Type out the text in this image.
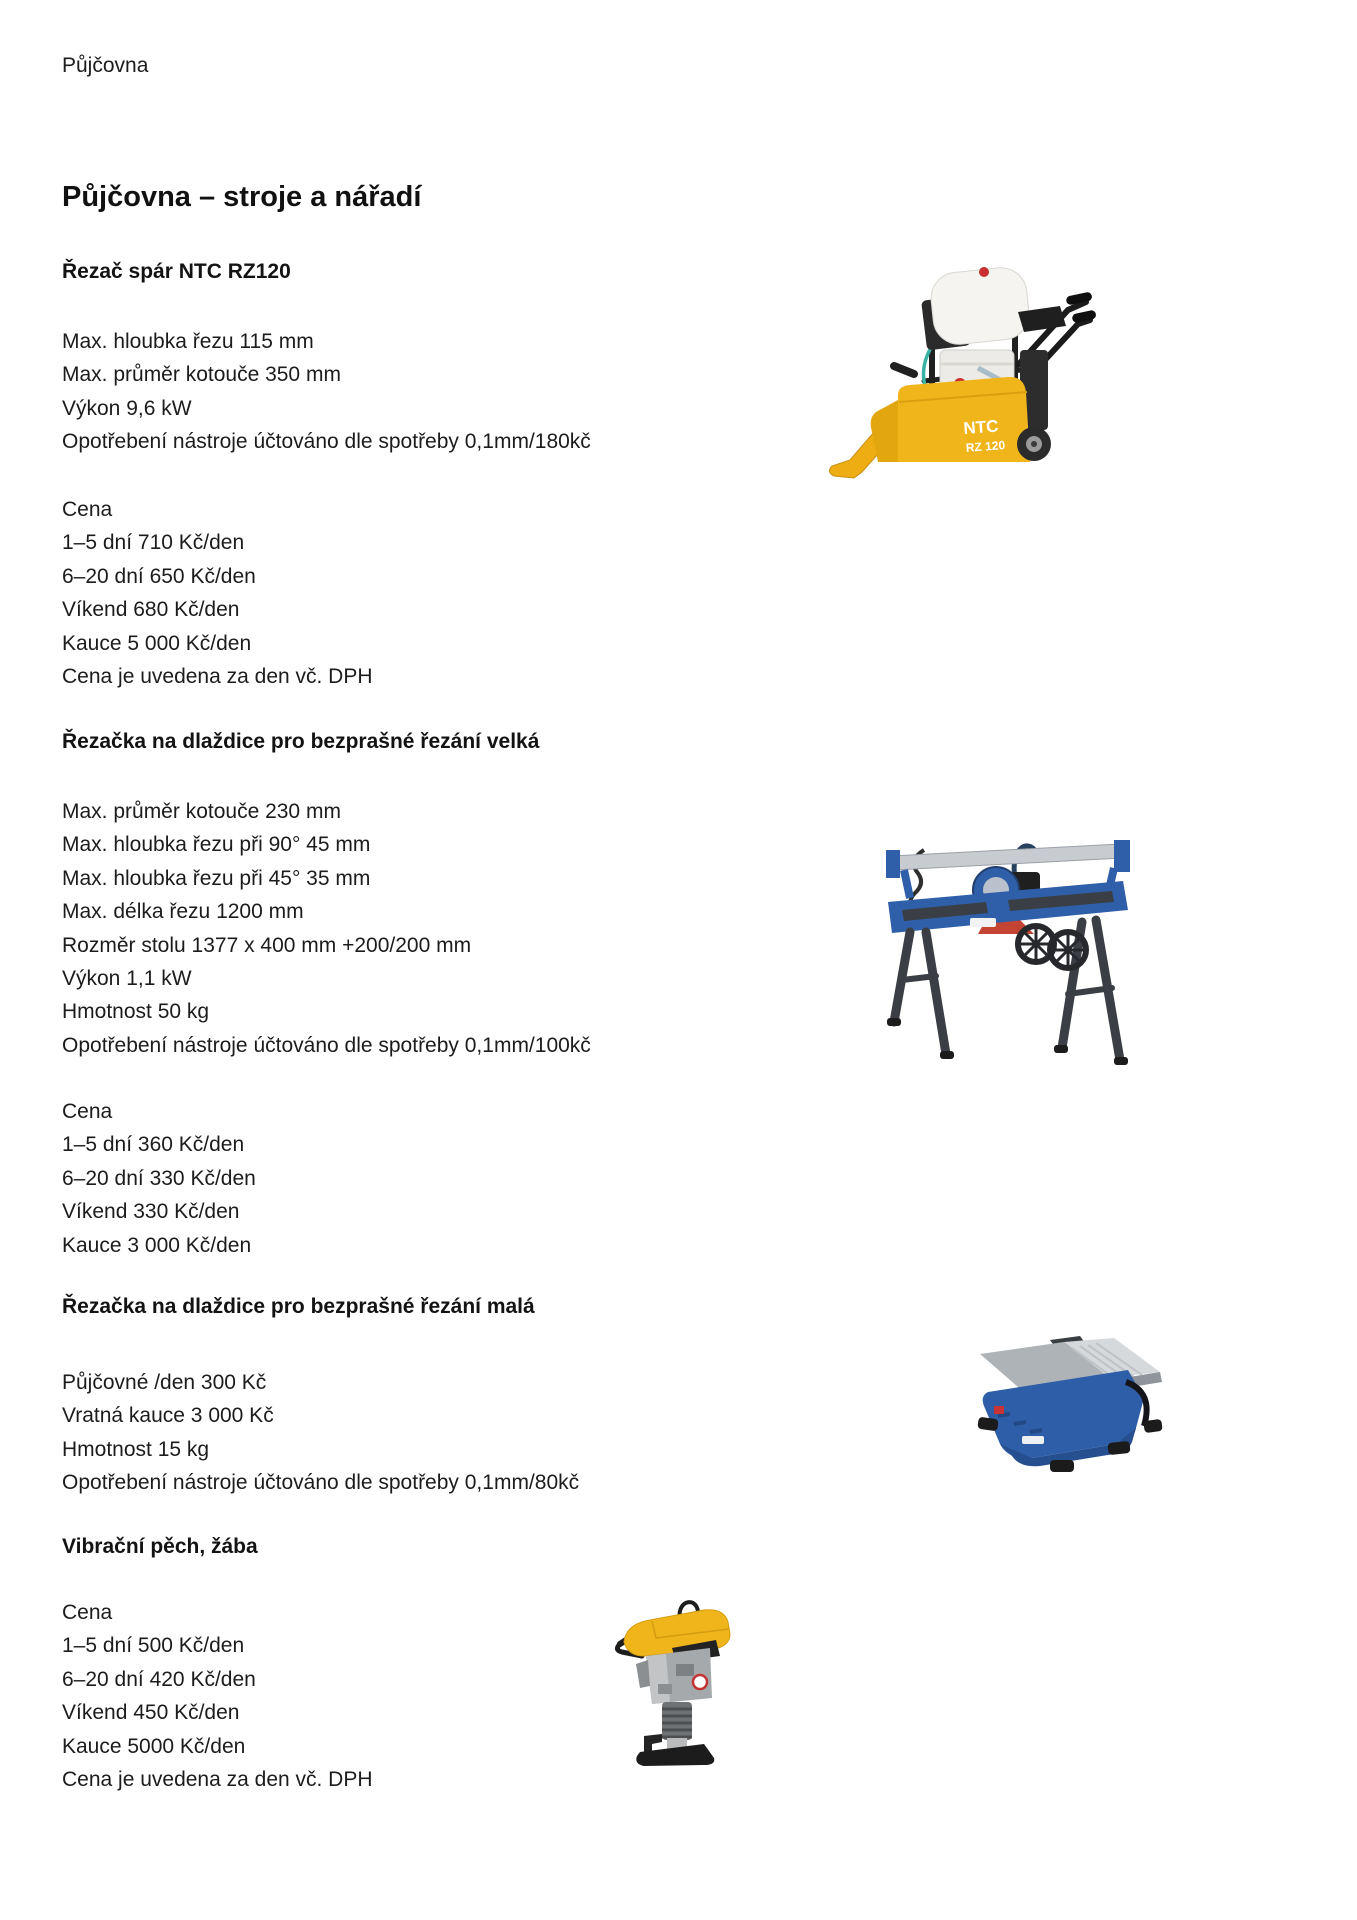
Půjčovna
Půjčovna – stroje a nářadí
Řezač spár NTC RZ120
Max. hloubka řezu 115 mm
Max. průměr kotouče 350 mm
Výkon 9,6 kW
Opotřebení nástroje účtováno dle spotřeby 0,1mm/180kč
Cena
1–5 dní 710 Kč/den
6–20 dní 650 Kč/den
Víkend 680 Kč/den
Kauce 5 000 Kč/den
Cena je uvedena za den vč. DPH
NTC
RZ 120
Řezačka na dlaždice pro bezprašné řezání velká
Max. průměr kotouče 230 mm
Max. hloubka řezu při 90° 45 mm
Max. hloubka řezu při 45° 35 mm
Max. délka řezu 1200 mm
Rozměr stolu 1377 x 400 mm +200/200 mm
Výkon 1,1 kW
Hmotnost 50 kg
Opotřebení nástroje účtováno dle spotřeby 0,1mm/100kč
Cena
1–5 dní 360 Kč/den
6–20 dní 330 Kč/den
Víkend 330 Kč/den
Kauce 3 000 Kč/den
Řezačka na dlaždice pro bezprašné řezání malá
Půjčovné /den 300 Kč
Vratná kauce 3 000 Kč
Hmotnost 15 kg
Opotřebení nástroje účtováno dle spotřeby 0,1mm/80kč
Vibrační pěch, žába
Cena
1–5 dní 500 Kč/den
6–20 dní 420 Kč/den
Víkend 450 Kč/den
Kauce 5000 Kč/den
Cena je uvedena za den vč. DPH
